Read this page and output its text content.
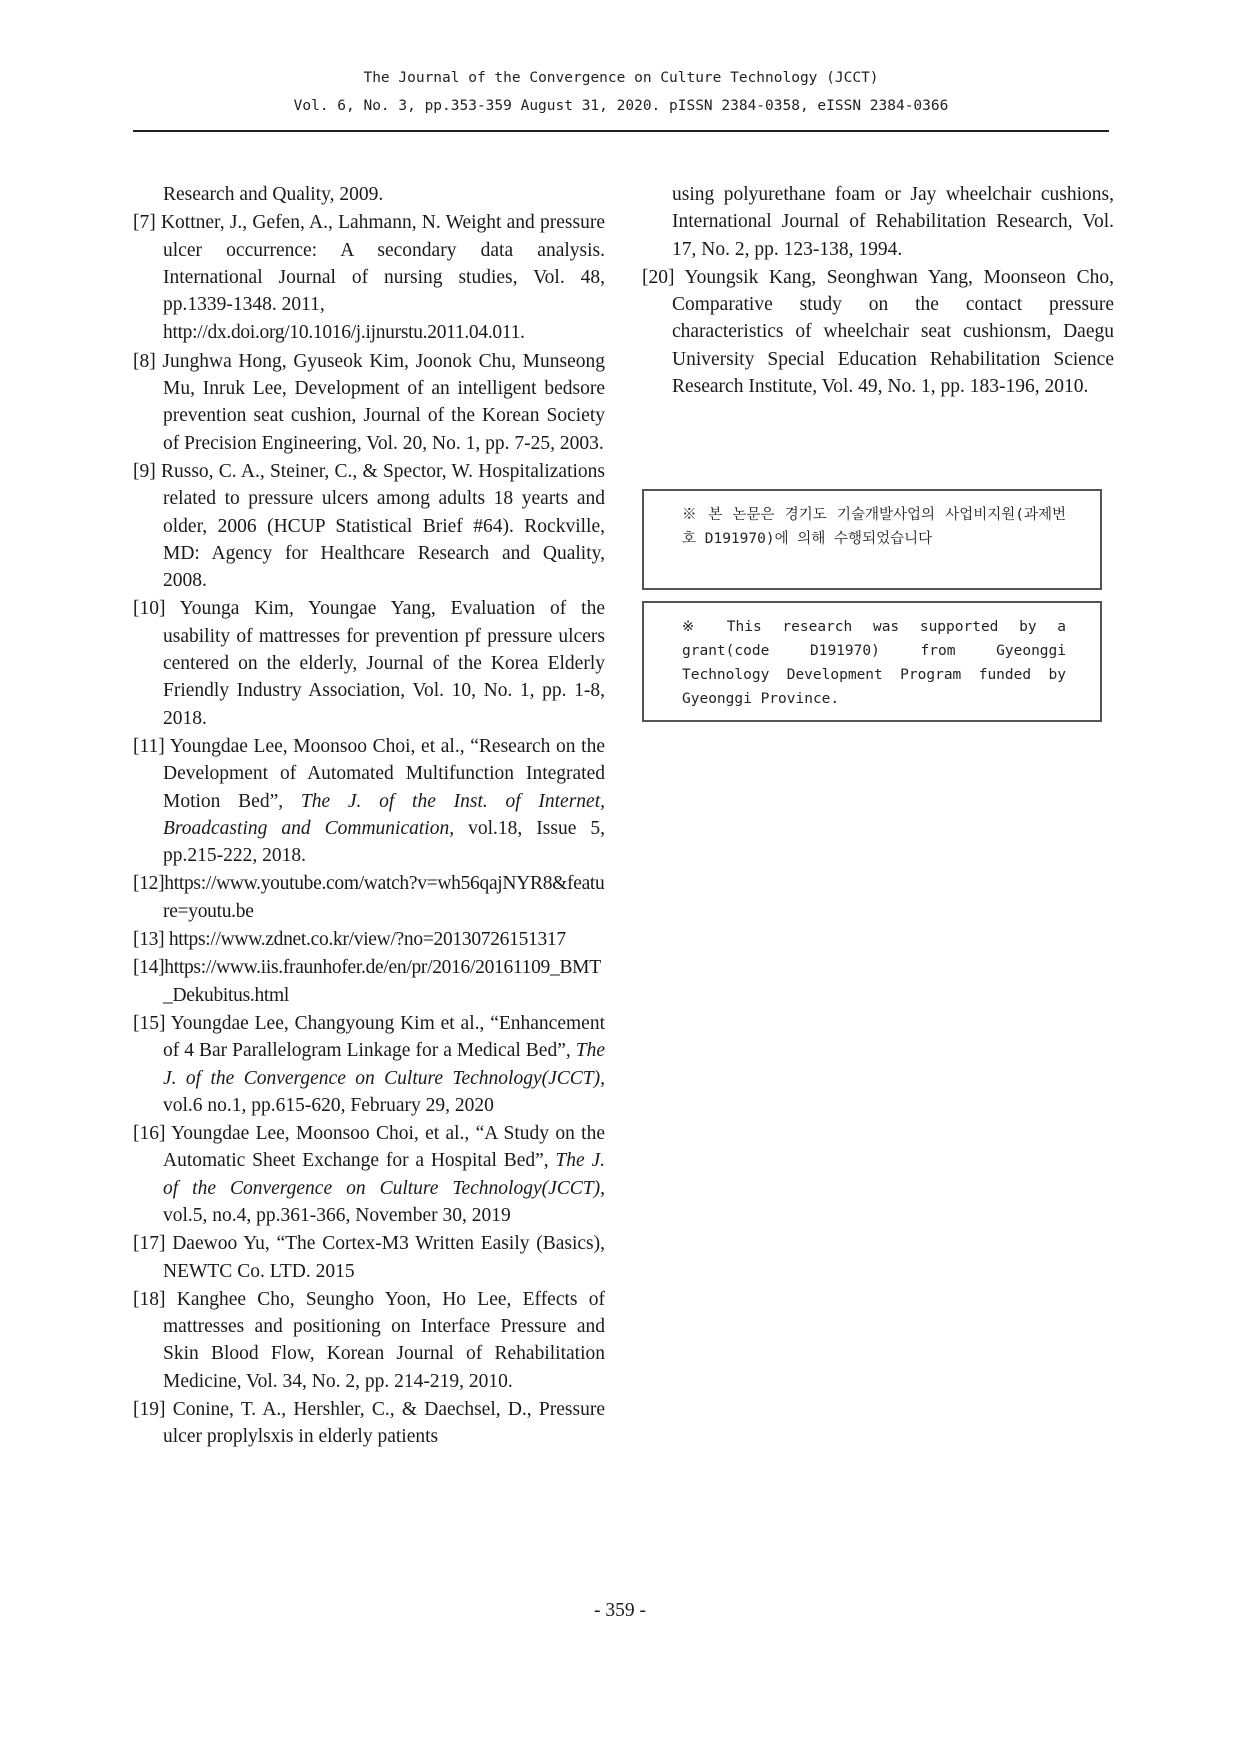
The Journal of the Convergence on Culture Technology (JCCT)
Vol. 6, No. 3, pp.353-359 August 31, 2020. pISSN 2384-0358, eISSN 2384-0366
Research and Quality, 2009.
[7] Kottner, J., Gefen, A., Lahmann, N. Weight and pressure ulcer occurrence: A secondary data analysis. International Journal of nursing studies, Vol. 48, pp.1339-1348. 2011,
http://dx.doi.org/10.1016/j.ijnurstu.2011.04.011.
[8] Junghwa Hong, Gyuseok Kim, Joonok Chu, Munseong Mu, Inruk Lee, Development of an intelligent bedsore prevention seat cushion, Journal of the Korean Society of Precision Engineering, Vol. 20, No. 1, pp. 7-25, 2003.
[9] Russo, C. A., Steiner, C., & Spector, W. Hospitalizations related to pressure ulcers among adults 18 yearts and older, 2006 (HCUP Statistical Brief #64). Rockville, MD: Agency for Healthcare Research and Quality, 2008.
[10] Younga Kim, Youngae Yang, Evaluation of the usability of mattresses for prevention pf pressure ulcers centered on the elderly, Journal of the Korea Elderly Friendly Industry Association, Vol. 10, No. 1, pp. 1-8, 2018.
[11] Youngdae Lee, Moonsoo Choi, et al., “Research on the Development of Automated Multifunction Integrated Motion Bed”, The J. of the Inst. of Internet, Broadcasting and Communication, vol.18, Issue 5, pp.215-222, 2018.
[12]https://www.youtube.com/watch?v=wh56qajNYR8&feature=youtu.be
[13] https://www.zdnet.co.kr/view/?no=20130726151317
[14]https://www.iis.fraunhofer.de/en/pr/2016/20161109_BMT_Dekubitus.html
[15] Youngdae Lee, Changyoung Kim et al., “Enhancement of 4 Bar Parallelogram Linkage for a Medical Bed”, The J. of the Convergence on Culture Technology(JCCT), vol.6 no.1, pp.615-620, February 29, 2020
[16] Youngdae Lee, Moonsoo Choi, et al., “A Study on the Automatic Sheet Exchange for a Hospital Bed”, The J. of the Convergence on Culture Technology(JCCT), vol.5, no.4, pp.361-366, November 30, 2019
[17] Daewoo Yu, “The Cortex-M3 Written Easily (Basics), NEWTC Co. LTD. 2015
[18] Kanghee Cho, Seungho Yoon, Ho Lee, Effects of mattresses and positioning on Interface Pressure and Skin Blood Flow, Korean Journal of Rehabilitation Medicine, Vol. 34, No. 2, pp. 214-219, 2010.
[19] Conine, T. A., Hershler, C., & Daechsel, D., Pressure ulcer proplylsxis in elderly patients
using polyurethane foam or Jay wheelchair cushions, International Journal of Rehabilitation Research, Vol. 17, No. 2, pp. 123-138, 1994.
[20] Youngsik Kang, Seonghwan Yang, Moonseon Cho, Comparative study on the contact pressure characteristics of wheelchair seat cushionsm, Daegu University Special Education Rehabilitation Science Research Institute, Vol. 49, No. 1, pp. 183-196, 2010.
※ 본 논문은 경기도 기술개발사업의 사업비지원(과제번호 D191970)에 의해 수행되었습니다
※ This research was supported by a grant(code D191970) from Gyeonggi Technology Development Program funded by Gyeonggi Province.
- 359 -
